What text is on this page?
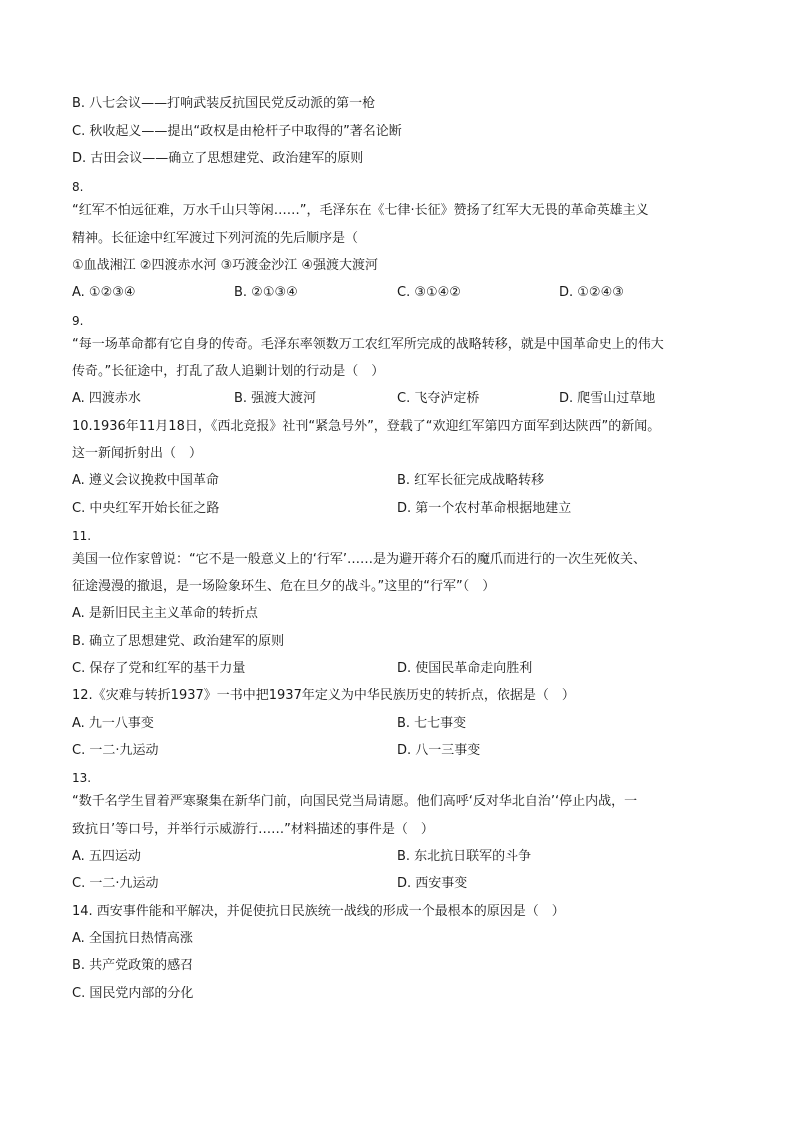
B. 八七会议——打响武装反抗国民党反动派的第一枪
C. 秋收起义——提出“政权是由枪杆子中取得的”著名论断
D. 古田会议——确立了思想建党、政治建军的原则
8.
“红军不怕远征难，万水千山只等闲……”，毛泽东在《七律·长征》赞扬了红军大无畏的革命英雄主义
精神。长征途中红军渡过下列河流的先后顺序是（
①血战湘江 ②四渡赤水河 ③巧渡金沙江 ④强渡大渡河
A. ①②③④	B. ②①③④	C. ③①④②	D. ①②④③
9.
“每一场革命都有它自身的传奇。毛泽东率领数万工农红军所完成的战略转移，就是中国革命史上的伟大
传奇。”长征途中，打乱了敌人追剿计划的行动是（　）
A. 四渡赤水	B. 强渡大渡河	C. 飞夺泸定桥	D. 爬雪山过草地
10.1936年11月18日，《西北竞报》社刊“紧急号外”，登载了“欢迎红军第四方面军到达陕西”的新闻。
这一新闻折射出（　）
A. 遵义会议挽救中国革命	B. 红军长征完成战略转移
C. 中央红军开始长征之路	D. 第一个农村革命根据地建立
11.
美国一位作家曾说：“它不是一般意义上的‘行军’……是为避开蒋介石的魔爪而进行的一次生死攸关、
征途漫漫的撤退，是一场险象环生、危在旦夕的战斗。”这里的“行军”（　）
A. 是新旧民主主义革命的转折点
B. 确立了思想建党、政治建军的原则
C. 保存了党和红军的基干力量	D. 使国民革命走向胜利
12.《灾难与转折1937》一书中把1937年定义为中华民族历史的转折点，依据是（　）
A. 九一八事变	B. 七七事变
C. 一二·九运动	D. 八一三事变
13.
“数千名学生冒着严寒聚集在新华门前，向国民党当局请愿。他们高呼‘反对华北自治’‘停止内战，一
致抗日’等口号，并举行示威游行……”材料描述的事件是（　）
A. 五四运动	B. 东北抗日联军的斗争
C. 一二·九运动	D. 西安事变
14. 西安事件能和平解决，并促使抗日民族统一战线的形成一个最根本的原因是（　）
A. 全国抗日热情高涨
B. 共产党政策的感召
C. 国民党内部的分化
